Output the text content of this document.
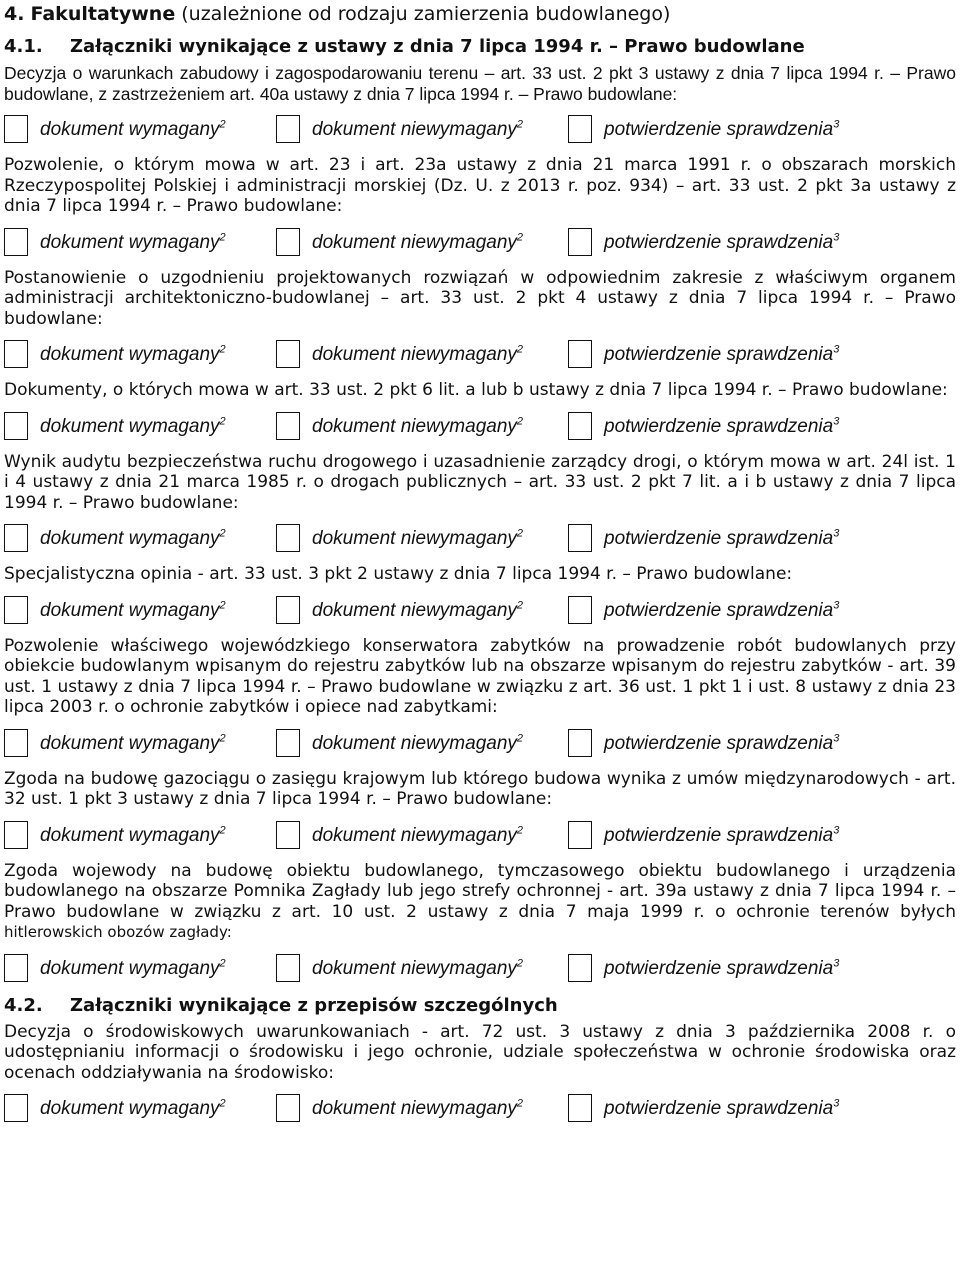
4. Fakultatywne (uzależnione od rodzaju zamierzenia budowlanego)
4.1. Załączniki wynikające z ustawy z dnia 7 lipca 1994 r. – Prawo budowlane

Decyzja o warunkach zabudowy i zagospodarowaniu terenu – art. 33 ust. 2 pkt 3 ustawy z dnia 7 lipca 1994 r. – Prawo budowlane, z zastrzeżeniem art. 40a ustawy z dnia 7 lipca 1994 r. – Prawo budowlane:

dokument wymagany$^2$	dokument niewymagany$^2$	potwierdzenie sprawdzenia$^3$

Pozwolenie, o którym mowa w art. 23 i art. 23a ustawy z dnia 21 marca 1991 r. o obszarach morskich Rzeczypospolitej Polskiej i administracji morskiej (Dz. U. z 2013 r. poz. 934) – art. 33 ust. 2 pkt 3a ustawy z dnia 7 lipca 1994 r. – Prawo budowlane:

dokument wymagany$^2$	dokument niewymagany$^2$	potwierdzenie sprawdzenia$^3$

Postanowienie o uzgodnieniu projektowanych rozwiązań w odpowiednim zakresie z właściwym organem administracji architektoniczno-budowlanej – art. 33 ust. 2 pkt 4 ustawy z dnia 7 lipca 1994 r. – Prawo budowlane:

dokument wymagany$^2$	dokument niewymagany$^2$	potwierdzenie sprawdzenia$^3$

Dokumenty, o których mowa w art. 33 ust. 2 pkt 6 lit. a lub b ustawy z dnia 7 lipca 1994 r. – Prawo budowlane:

dokument wymagany$^2$	dokument niewymagany$^2$	potwierdzenie sprawdzenia$^3$

Wynik audytu bezpieczeństwa ruchu drogowego i uzasadnienie zarządcy drogi, o którym mowa w art. 24l ist. 1 i 4 ustawy z dnia 21 marca 1985 r. o drogach publicznych – art. 33 ust. 2 pkt 7 lit. a i b ustawy z dnia 7 lipca 1994 r. – Prawo budowlane:

dokument wymagany$^2$	dokument niewymagany$^2$	potwierdzenie sprawdzenia$^3$

Specjalistyczna opinia - art. 33 ust. 3 pkt 2 ustawy z dnia 7 lipca 1994 r. – Prawo budowlane:

dokument wymagany$^2$	dokument niewymagany$^2$	potwierdzenie sprawdzenia$^3$

Pozwolenie właściwego wojewódzkiego konserwatora zabytków na prowadzenie robót budowlanych przy obiekcie budowlanym wpisanym do rejestru zabytków lub na obszarze wpisanym do rejestru zabytków - art. 39 ust. 1 ustawy z dnia 7 lipca 1994 r. – Prawo budowlane w związku z art. 36 ust. 1 pkt 1 i ust. 8 ustawy z dnia 23 lipca 2003 r. o ochronie zabytków i opiece nad zabytkami:

dokument wymagany$^2$	dokument niewymagany$^2$	potwierdzenie sprawdzenia$^3$

Zgoda na budowę gazociągu o zasięgu krajowym lub którego budowa wynika z umów międzynarodowych - art. 32 ust. 1 pkt 3 ustawy z dnia 7 lipca 1994 r. – Prawo budowlane:

dokument wymagany$^2$	dokument niewymagany$^2$	potwierdzenie sprawdzenia$^3$

Zgoda wojewody na budowę obiektu budowlanego, tymczasowego obiektu budowlanego i urządzenia budowlanego na obszarze Pomnika Zagłady lub jego strefy ochronnej - art. 39a ustawy z dnia 7 lipca 1994 r. – Prawo budowlane w związku z art. 10 ust. 2 ustawy z dnia 7 maja 1999 r. o ochronie terenów byłych hitlerowskich obozów zagłady:

dokument wymagany$^2$	dokument niewymagany$^2$	potwierdzenie sprawdzenia$^3$
4.2. Załączniki wynikające z przepisów szczególnych

Decyzja o środowiskowych uwarunkowaniach - art. 72 ust. 3 ustawy z dnia 3 października 2008 r. o udostępnianiu informacji o środowisku i jego ochronie, udziale społeczeństwa w ochronie środowiska oraz ocenach oddziaływania na środowisko:

dokument wymagany$^2$	dokument niewymagany$^2$	potwierdzenie sprawdzenia$^3$
